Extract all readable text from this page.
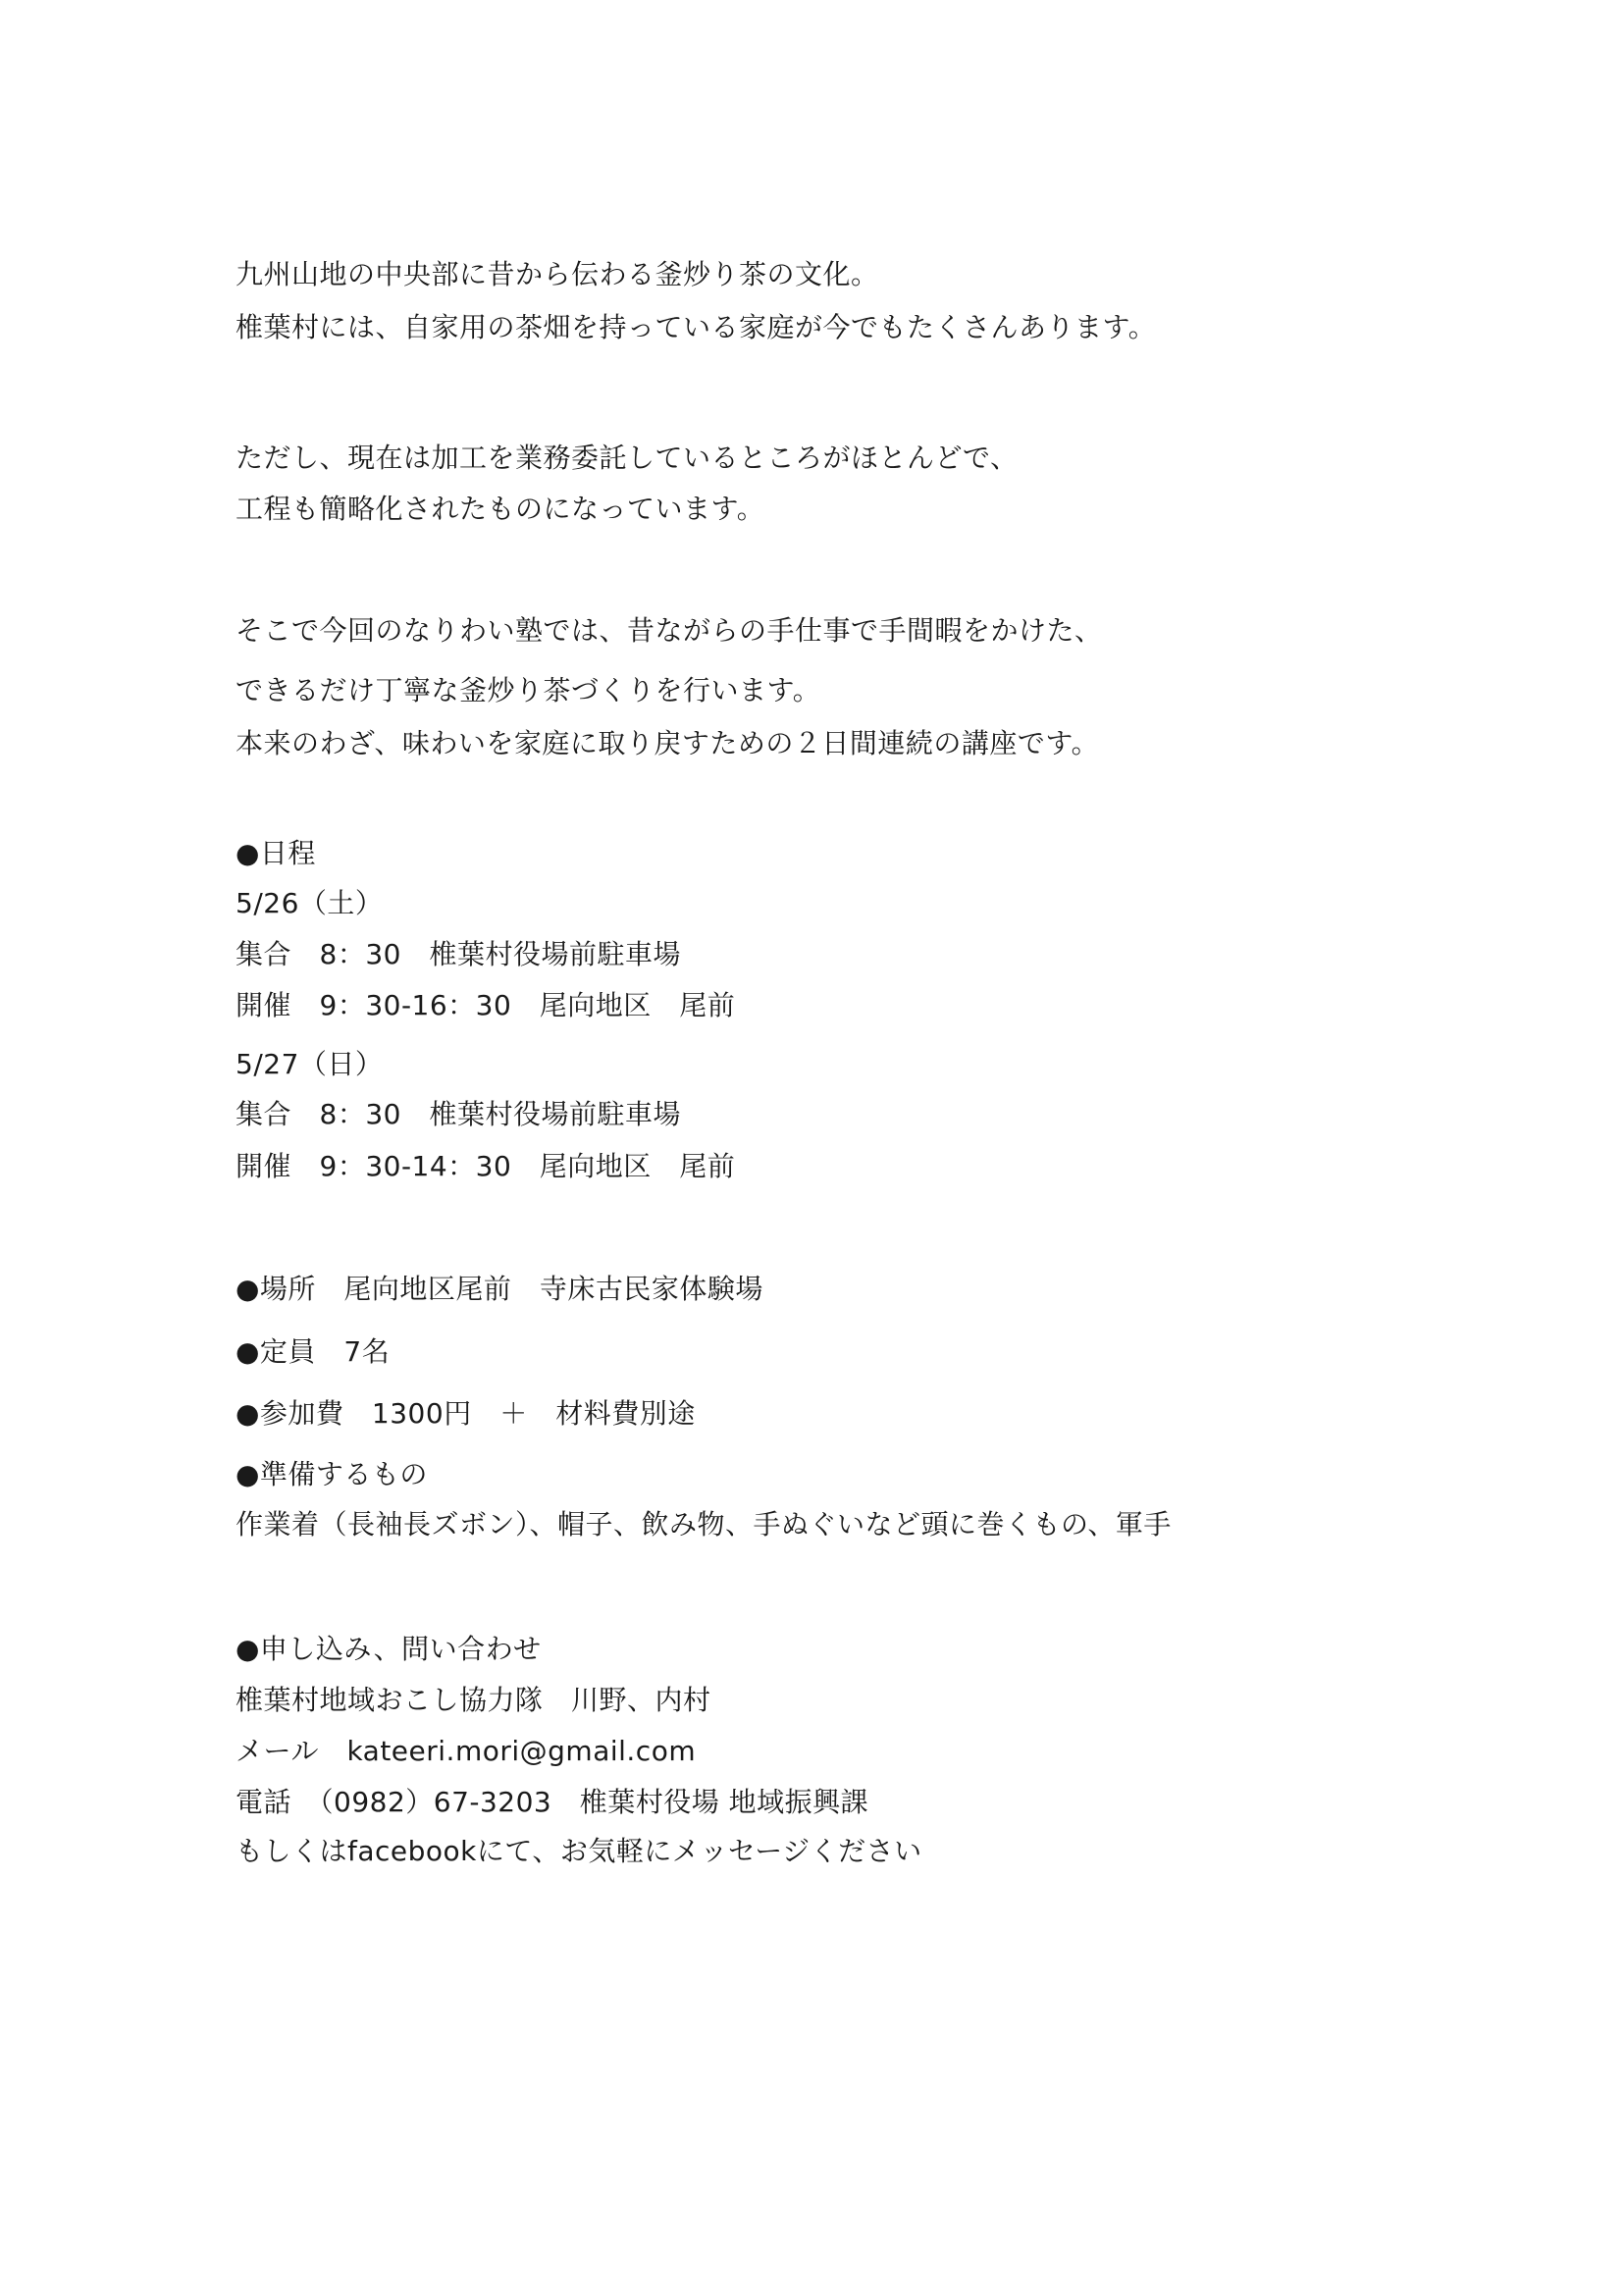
九州山地の中央部に昔から伝わる釜炒り茶の文化。
椎葉村には、自家用の茶畑を持っている家庭が今でもたくさんあります。
ただし、現在は加工を業務委託しているところがほとんどで、
工程も簡略化されたものになっています。
そこで今回のなりわい塾では、昔ながらの手仕事で手間暇をかけた、
できるだけ丁寧な釜炒り茶づくりを行います。
本来のわざ、味わいを家庭に取り戻すための２日間連続の講座です。
●日程
5/26（土）
集合　8：30　椎葉村役場前駐車場
開催　9：30-16：30　尾向地区　尾前
5/27（日）
集合　8：30　椎葉村役場前駐車場
開催　9：30-14：30　尾向地区　尾前
●場所　尾向地区尾前　寺床古民家体験場
●定員　7名
●参加費　1300円　＋　材料費別途
●準備するもの
作業着（長袖長ズボン）、帽子、飲み物、手ぬぐいなど頭に巻くもの、軍手
●申し込み、問い合わせ
椎葉村地域おこし協力隊　川野、内村
メール　kateeri.mori@gmail.com
電話　（0982）67-3203　椎葉村役場 地域振興課
もしくはfacebookにて、お気軽にメッセージください
